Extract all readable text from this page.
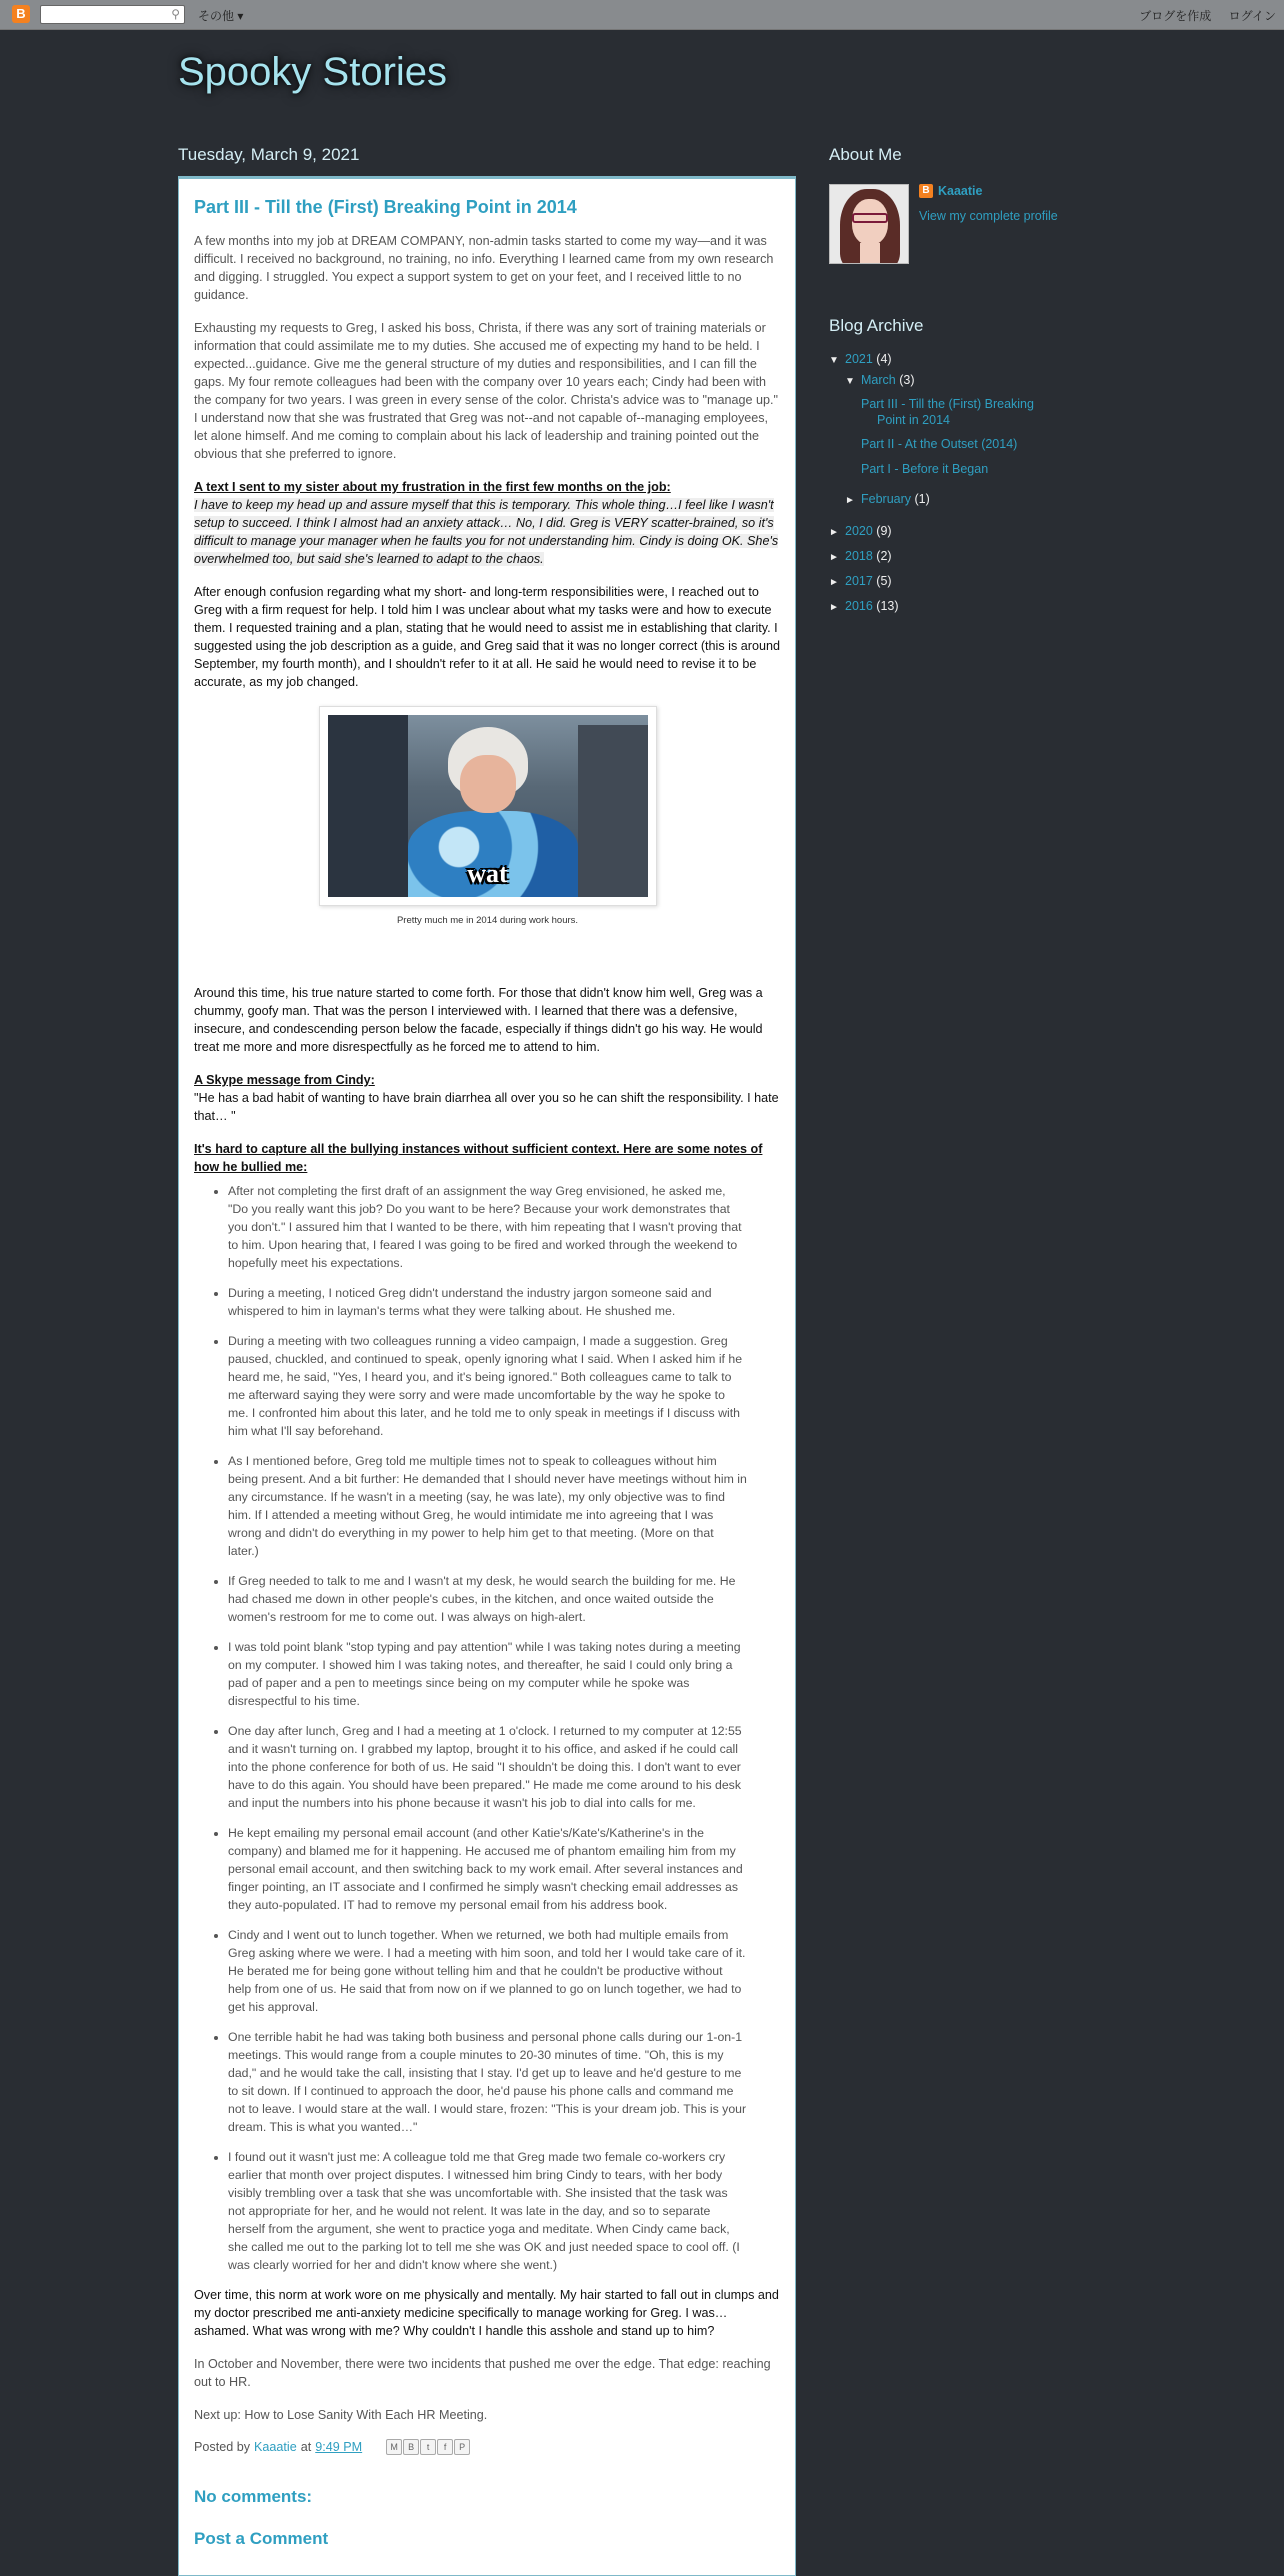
B	⚲ その他 ▾	ブログを作成 ログイン
Spooky Stories
Tuesday, March 9, 2021
Part III - Till the (First) Breaking Point in 2014

A few months into my job at DREAM COMPANY, non-admin tasks started to come my way—and it was difficult. I received no background, no training, no info. Everything I learned came from my own research and digging. I struggled. You expect a support system to get on your feet, and I received little to no guidance.

Exhausting my requests to Greg, I asked his boss, Christa, if there was any sort of training materials or information that could assimilate me to my duties. She accused me of expecting my hand to be held. I expected...guidance. Give me the general structure of my duties and responsibilities, and I can fill the gaps. My four remote colleagues had been with the company over 10 years each; Cindy had been with the company for two years. I was green in every sense of the color. Christa's advice was to "manage up." I understand now that she was frustrated that Greg was not--and not capable of--managing employees, let alone himself. And me coming to complain about his lack of leadership and training pointed out the obvious that she preferred to ignore.

A text I sent to my sister about my frustration in the first few months on the job:
I have to keep my head up and assure myself that this is temporary. This whole thing…I feel like I wasn't setup to succeed. I think I almost had an anxiety attack… No, I did. Greg is VERY scatter-brained, so it's difficult to manage your manager when he faults you for not understanding him. Cindy is doing OK. She's overwhelmed too, but said she's learned to adapt to the chaos.

After enough confusion regarding what my short- and long-term responsibilities were, I reached out to Greg with a firm request for help. I told him I was unclear about what my tasks were and how to execute them. I requested training and a plan, stating that he would need to assist me in establishing that clarity. I suggested using the job description as a guide, and Greg said that it was no longer correct (this is around September, my fourth month), and I shouldn't refer to it at all. He said he would need to revise it to be accurate, as my job changed.

wat
Pretty much me in 2014 during work hours.

Around this time, his true nature started to come forth. For those that didn't know him well, Greg was a chummy, goofy man. That was the person I interviewed with. I learned that there was a defensive, insecure, and condescending person below the facade, especially if things didn't go his way. He would treat me more and more disrespectfully as he forced me to attend to him.

A Skype message from Cindy:
"He has a bad habit of wanting to have brain diarrhea all over you so he can shift the responsibility. I hate that… "

It's hard to capture all the bullying instances without sufficient context. Here are some notes of how he bullied me:

• After not completing the first draft of an assignment the way Greg envisioned, he asked me, "Do you really want this job? Do you want to be here? Because your work demonstrates that you don't." I assured him that I wanted to be there, with him repeating that I wasn't proving that to him. Upon hearing that, I feared I was going to be fired and worked through the weekend to hopefully meet his expectations.
• During a meeting, I noticed Greg didn't understand the industry jargon someone said and whispered to him in layman's terms what they were talking about. He shushed me.
• During a meeting with two colleagues running a video campaign, I made a suggestion. Greg paused, chuckled, and continued to speak, openly ignoring what I said. When I asked him if he heard me, he said, "Yes, I heard you, and it's being ignored." Both colleagues came to talk to me afterward saying they were sorry and were made uncomfortable by the way he spoke to me. I confronted him about this later, and he told me to only speak in meetings if I discuss with him what I'll say beforehand.
• As I mentioned before, Greg told me multiple times not to speak to colleagues without him being present. And a bit further: He demanded that I should never have meetings without him in any circumstance. If he wasn't in a meeting (say, he was late), my only objective was to find him. If I attended a meeting without Greg, he would intimidate me into agreeing that I was wrong and didn't do everything in my power to help him get to that meeting. (More on that later.)
• If Greg needed to talk to me and I wasn't at my desk, he would search the building for me. He had chased me down in other people's cubes, in the kitchen, and once waited outside the women's restroom for me to come out. I was always on high-alert.
• I was told point blank "stop typing and pay attention" while I was taking notes during a meeting on my computer. I showed him I was taking notes, and thereafter, he said I could only bring a pad of paper and a pen to meetings since being on my computer while he spoke was disrespectful to his time.
• One day after lunch, Greg and I had a meeting at 1 o'clock. I returned to my computer at 12:55 and it wasn't turning on. I grabbed my laptop, brought it to his office, and asked if he could call into the phone conference for both of us. He said "I shouldn't be doing this. I don't want to ever have to do this again. You should have been prepared." He made me come around to his desk and input the numbers into his phone because it wasn't his job to dial into calls for me.
• He kept emailing my personal email account (and other Katie's/Kate's/Katherine's in the company) and blamed me for it happening. He accused me of phantom emailing him from my personal email account, and then switching back to my work email. After several instances and finger pointing, an IT associate and I confirmed he simply wasn't checking email addresses as they auto-populated. IT had to remove my personal email from his address book.
• Cindy and I went out to lunch together. When we returned, we both had multiple emails from Greg asking where we were. I had a meeting with him soon, and told her I would take care of it. He berated me for being gone without telling him and that he couldn't be productive without help from one of us. He said that from now on if we planned to go on lunch together, we had to get his approval.
• One terrible habit he had was taking both business and personal phone calls during our 1-on-1 meetings. This would range from a couple minutes to 20-30 minutes of time. "Oh, this is my dad," and he would take the call, insisting that I stay. I'd get up to leave and he'd gesture to me to sit down. If I continued to approach the door, he'd pause his phone calls and command me not to leave. I would stare at the wall. I would stare, frozen: "This is your dream job. This is your dream. This is what you wanted…"
• I found out it wasn't just me: A colleague told me that Greg made two female co-workers cry earlier that month over project disputes. I witnessed him bring Cindy to tears, with her body visibly trembling over a task that she was uncomfortable with. She insisted that the task was not appropriate for her, and he would not relent. It was late in the day, and so to separate herself from the argument, she went to practice yoga and meditate. When Cindy came back, she called me out to the parking lot to tell me she was OK and just needed space to cool off. (I was clearly worried for her and didn't know where she went.)

Over time, this norm at work wore on me physically and mentally. My hair started to fall out in clumps and my doctor prescribed me anti-anxiety medicine specifically to manage working for Greg. I was…ashamed. What was wrong with me? Why couldn't I handle this asshole and stand up to him?

In October and November, there were two incidents that pushed me over the edge. That edge: reaching out to HR.

Next up: How to Lose Sanity With Each HR Meeting.

Posted by Kaaatie at 9:49 PM	M	B	t	f	P
No comments:
Post a Comment
About Me
B Kaaatie
View my complete profile
Blog Archive
▼ 2021 (4)
▼ March (3)
Part III - Till the (First) Breaking Point in 2014
Part II - At the Outset (2014)
Part I - Before it Began
► February (1)
► 2020 (9)
► 2018 (2)
► 2017 (5)
► 2016 (13)
